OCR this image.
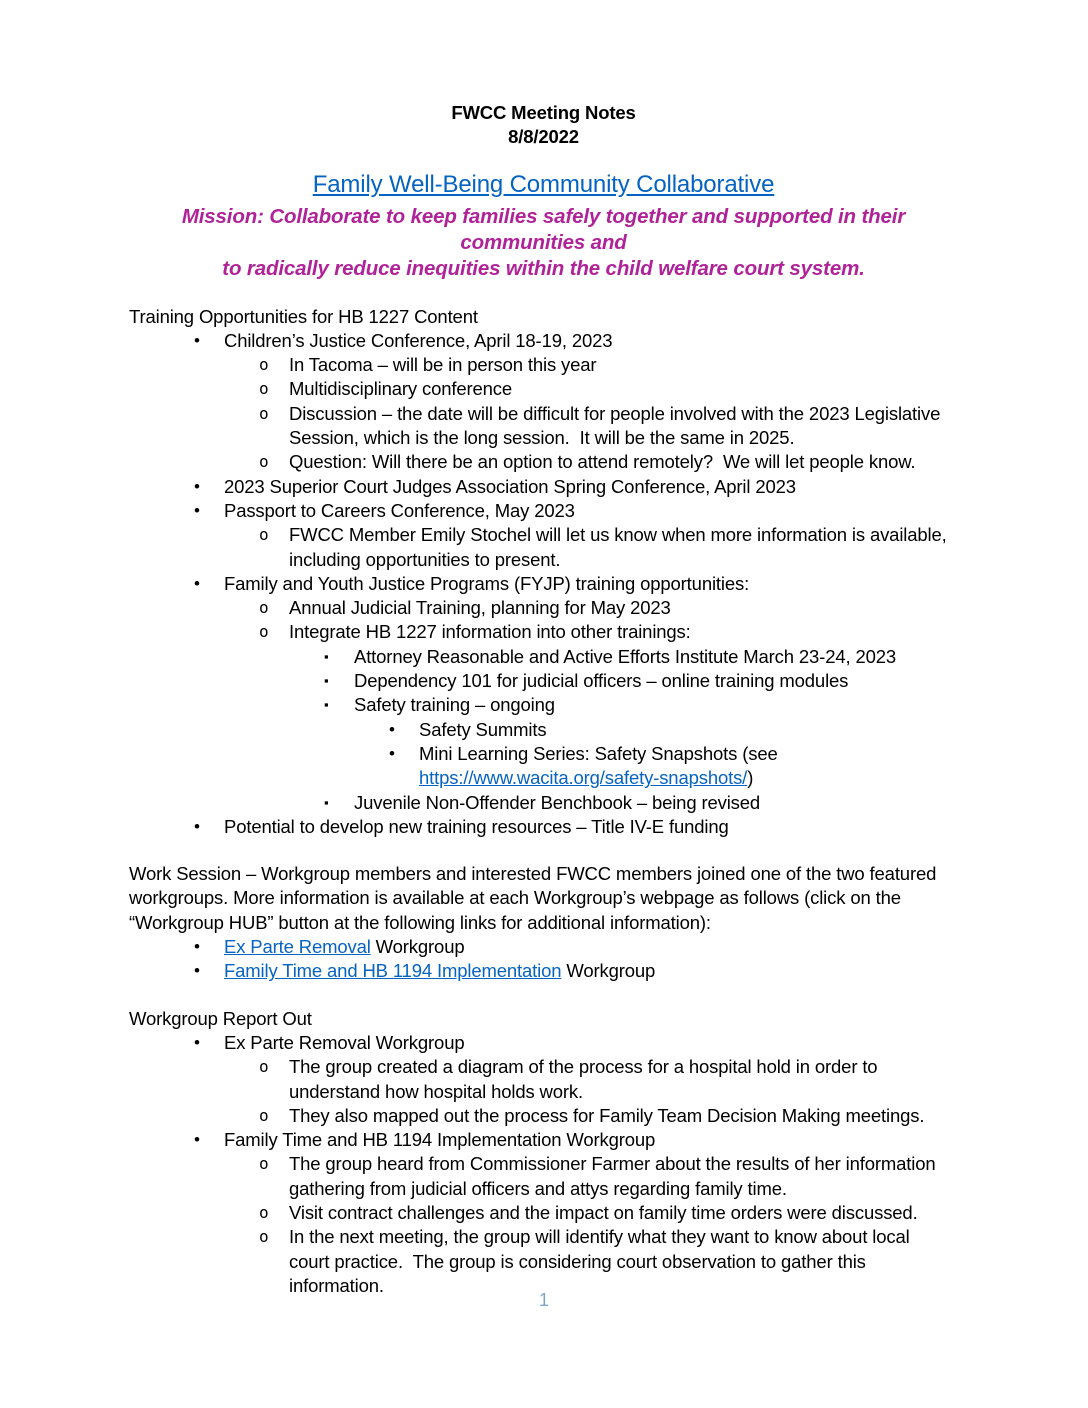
FWCC Meeting Notes
8/8/2022
Family Well-Being Community Collaborative
Mission: Collaborate to keep families safely together and supported in their communities and
to radically reduce inequities within the child welfare court system.
Training Opportunities for HB 1227 Content
•	Children’s Justice Conference, April 18-19, 2023
o	In Tacoma – will be in person this year
o	Multidisciplinary conference
o	Discussion – the date will be difficult for people involved with the 2023 Legislative
Session, which is the long session.  It will be the same in 2025.
o	Question: Will there be an option to attend remotely?  We will let people know.
•	2023 Superior Court Judges Association Spring Conference, April 2023
•	Passport to Careers Conference, May 2023
o	FWCC Member Emily Stochel will let us know when more information is available,
including opportunities to present.
•	Family and Youth Justice Programs (FYJP) training opportunities:
o	Annual Judicial Training, planning for May 2023
o	Integrate HB 1227 information into other trainings:
▪	Attorney Reasonable and Active Efforts Institute March 23-24, 2023
▪	Dependency 101 for judicial officers – online training modules
▪	Safety training – ongoing
•	Safety Summits
•	Mini Learning Series: Safety Snapshots (see
https://www.wacita.org/safety-snapshots/)
▪	Juvenile Non-Offender Benchbook – being revised
•	Potential to develop new training resources – Title IV-E funding
Work Session – Workgroup members and interested FWCC members joined one of the two featured
workgroups. More information is available at each Workgroup’s webpage as follows (click on the
“Workgroup HUB” button at the following links for additional information):
•	Ex Parte Removal Workgroup
•	Family Time and HB 1194 Implementation Workgroup
Workgroup Report Out
•	Ex Parte Removal Workgroup
o	The group created a diagram of the process for a hospital hold in order to
understand how hospital holds work.
o	They also mapped out the process for Family Team Decision Making meetings.
•	Family Time and HB 1194 Implementation Workgroup
o	The group heard from Commissioner Farmer about the results of her information
gathering from judicial officers and attys regarding family time.
o	Visit contract challenges and the impact on family time orders were discussed.
o	In the next meeting, the group will identify what they want to know about local
court practice.  The group is considering court observation to gather this
information.
1
